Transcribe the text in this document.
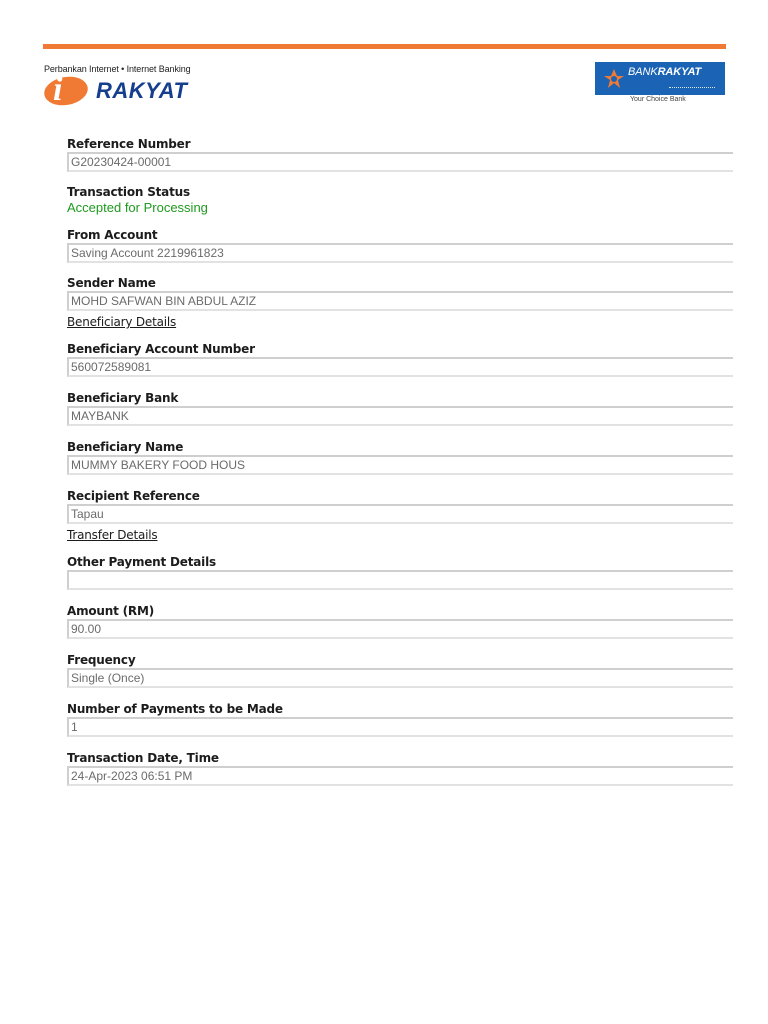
Perbankan Internet • Internet Banking
i RAKYAT
BANKRAKYAT
Your Choice Bank
Reference Number
G20230424-00001
Transaction Status
Accepted for Processing
From Account
Saving Account 2219961823
Sender Name
MOHD SAFWAN BIN ABDUL AZIZ
Beneficiary Details
Beneficiary Account Number
560072589081
Beneficiary Bank
MAYBANK
Beneficiary Name
MUMMY BAKERY FOOD HOUS
Recipient Reference
Tapau
Transfer Details
Other Payment Details
Amount (RM)
90.00
Frequency
Single (Once)
Number of Payments to be Made
1
Transaction Date, Time
24-Apr-2023 06:51 PM
